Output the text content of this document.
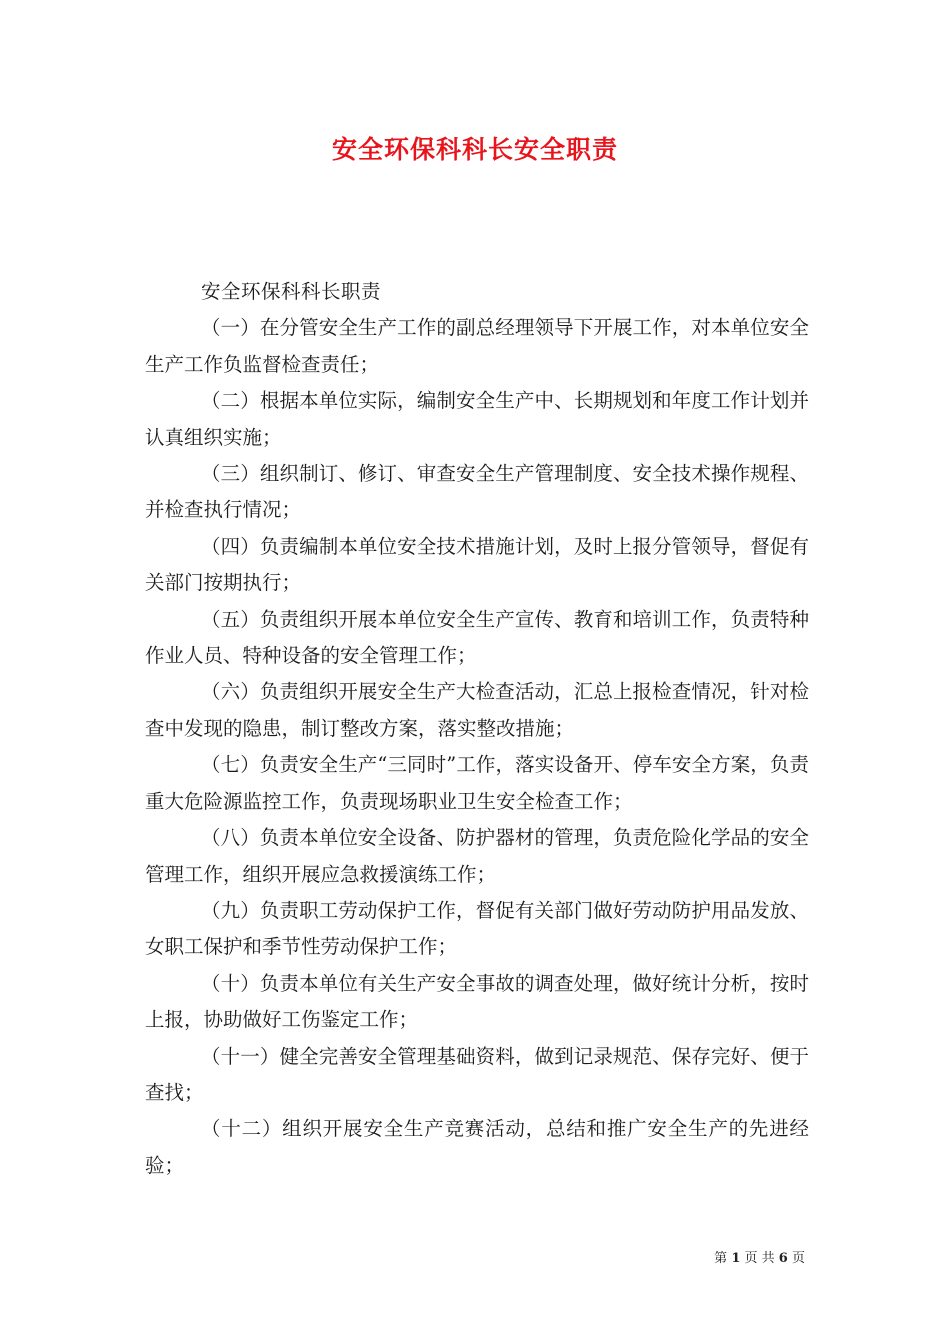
安全环保科科长安全职责

安全环保科科长职责

（一）在分管安全生产工作的副总经理领导下开展工作，对本单位安全生产工作负监督检查责任；

（二）根据本单位实际，编制安全生产中、长期规划和年度工作计划并认真组织实施；

（三）组织制订、修订、审查安全生产管理制度、安全技术操作规程、并检查执行情况；

（四）负责编制本单位安全技术措施计划，及时上报分管领导，督促有关部门按期执行；

（五）负责组织开展本单位安全生产宣传、教育和培训工作，负责特种作业人员、特种设备的安全管理工作；

（六）负责组织开展安全生产大检查活动，汇总上报检查情况，针对检查中发现的隐患，制订整改方案，落实整改措施；

（七）负责安全生产“三同时”工作，落实设备开、停车安全方案，负责重大危险源监控工作，负责现场职业卫生安全检查工作；

（八）负责本单位安全设备、防护器材的管理，负责危险化学品的安全管理工作，组织开展应急救援演练工作；

（九）负责职工劳动保护工作，督促有关部门做好劳动防护用品发放、女职工保护和季节性劳动保护工作；

（十）负责本单位有关生产安全事故的调查处理，做好统计分析，按时上报，协助做好工伤鉴定工作；

（十一）健全完善安全管理基础资料，做到记录规范、保存完好、便于查找；

（十二）组织开展安全生产竞赛活动，总结和推广安全生产的先进经验；

第 1 页 共 6 页
